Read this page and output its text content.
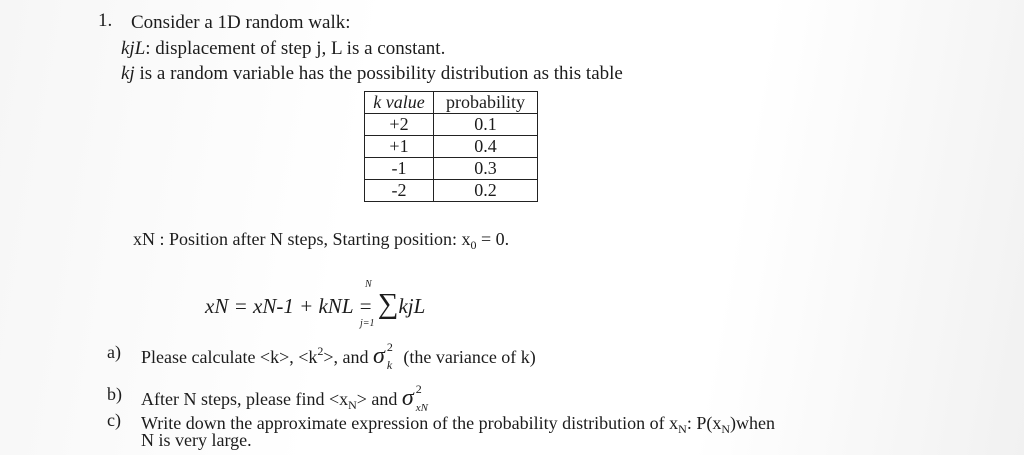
1. Consider a 1D random walk:
kjL: displacement of step j, L is a constant.
kj is a random variable has the possibility distribution as this table
k value	probability
+2	0.1
+1	0.4
-1	0.3
-2	0.2
xN : Position after N steps, Starting position: $x_0 = 0$.
xN = xN-1 + kNL = ∑kjL
N
j=1
a) Please calculate <k>, $<k^2>$, and σ 2
k (the variance of k)
b) After N steps, please find $<x_N>$ and σ 2
xN
c) Write down the approximate expression of the probability distribution of $x_N$: $P(x_N)when$
N is very large.
